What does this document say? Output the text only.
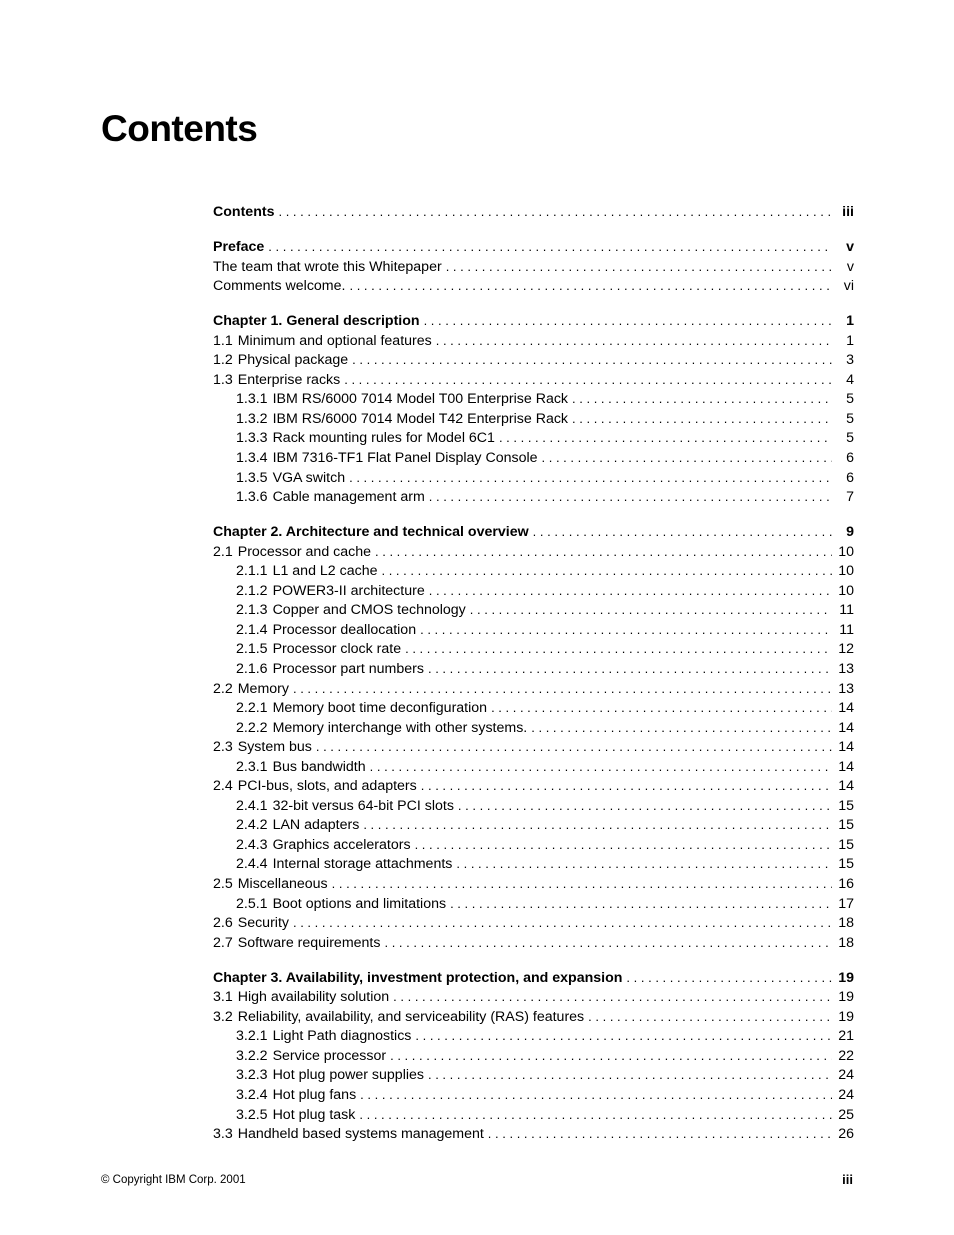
Contents
Contents . . .	iii
Preface . . .	v
The team that wrote this Whitepaper . . .	v
Comments welcome. . . .	vi
Chapter 1. General description . . .	1
1.1 Minimum and optional features . . .	1
1.2 Physical package . . .	3
1.3 Enterprise racks . . .	4
1.3.1 IBM RS/6000 7014 Model T00 Enterprise Rack . . .	5
1.3.2 IBM RS/6000 7014 Model T42 Enterprise Rack . . .	5
1.3.3 Rack mounting rules for Model 6C1 . . .	5
1.3.4 IBM 7316-TF1 Flat Panel Display Console . . .	6
1.3.5 VGA switch . . .	6
1.3.6 Cable management arm . . .	7
Chapter 2. Architecture and technical overview . . .	9
2.1 Processor and cache . . .	10
2.1.1 L1 and L2 cache . . .	10
2.1.2 POWER3-II architecture . . .	10
2.1.3 Copper and CMOS technology . . .	11
2.1.4 Processor deallocation . . .	11
2.1.5 Processor clock rate . . .	12
2.1.6 Processor part numbers . . .	13
2.2 Memory . . .	13
2.2.1 Memory boot time deconfiguration . . .	14
2.2.2 Memory interchange with other systems. . . .	14
2.3 System bus . . .	14
2.3.1 Bus bandwidth . . .	14
2.4 PCI-bus, slots, and adapters . . .	14
2.4.1 32-bit versus 64-bit PCI slots . . .	15
2.4.2 LAN adapters . . .	15
2.4.3 Graphics accelerators . . .	15
2.4.4 Internal storage attachments . . .	15
2.5 Miscellaneous . . .	16
2.5.1 Boot options and limitations . . .	17
2.6 Security . . .	18
2.7 Software requirements . . .	18
Chapter 3. Availability, investment protection, and expansion . . .	19
3.1 High availability solution . . .	19
3.2 Reliability, availability, and serviceability (RAS) features . . .	19
3.2.1 Light Path diagnostics . . .	21
3.2.2 Service processor . . .	22
3.2.3 Hot plug power supplies . . .	24
3.2.4 Hot plug fans . . .	24
3.2.5 Hot plug task . . .	25
3.3 Handheld based systems management . . .	26
© Copyright IBM Corp. 2001	iii
